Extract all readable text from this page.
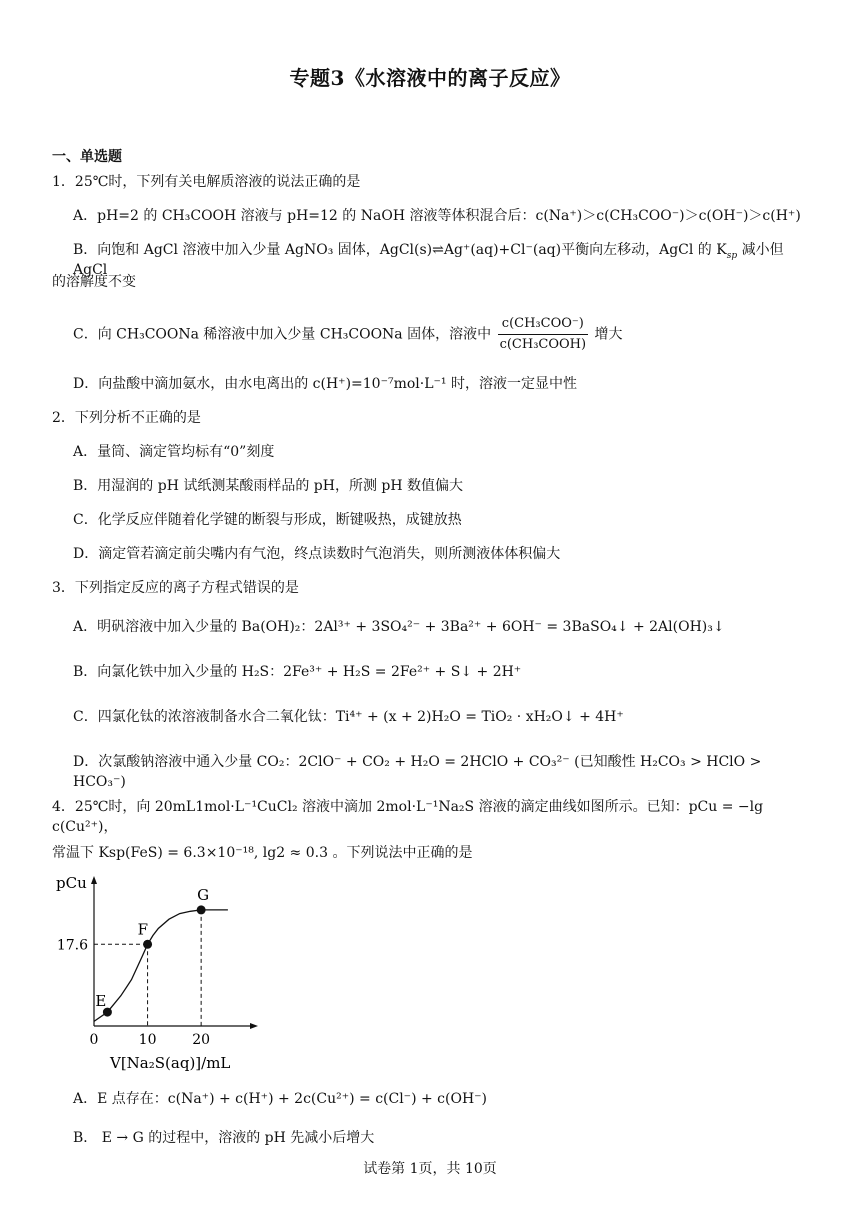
专题3《水溶液中的离子反应》
一、单选题
1．25℃时，下列有关电解质溶液的说法正确的是
A．pH=2 的 CH₃COOH 溶液与 pH=12 的 NaOH 溶液等体积混合后：c(Na⁺)＞c(CH₃COO⁻)＞c(OH⁻)＞c(H⁺)
B．向饱和 AgCl 溶液中加入少量 AgNO₃ 固体，AgCl(s)⇌Ag⁺(aq)+Cl⁻(aq)平衡向左移动，AgCl 的 $K_{sp}$ 减小但 AgCl
的溶解度不变
C．向 CH₃COONa 稀溶液中加入少量 CH₃COONa 固体，溶液中 $\frac{\text{c(CH₃COO⁻)}}{\text{c(CH₃COOH)}}$ 增大
D．向盐酸中滴加氨水，由水电离出的 c(H⁺)=10⁻⁷mol·L⁻¹ 时，溶液一定显中性
2．下列分析不正确的是
A．量筒、滴定管均标有“0”刻度
B．用湿润的 pH 试纸测某酸雨样品的 pH，所测 pH 数值偏大
C．化学反应伴随着化学键的断裂与形成，断键吸热，成键放热
D．滴定管若滴定前尖嘴内有气泡，终点读数时气泡消失，则所测液体体积偏大
3．下列指定反应的离子方程式错误的是
A．明矾溶液中加入少量的 Ba(OH)₂：2Al³⁺ + 3SO₄²⁻ + 3Ba²⁺ + 6OH⁻ = 3BaSO₄↓ + 2Al(OH)₃↓
B．向氯化铁中加入少量的 H₂S：2Fe³⁺ + H₂S = 2Fe²⁺ + S↓ + 2H⁺
C．四氯化钛的浓溶液制备水合二氧化钛：Ti⁴⁺ + (x + 2)H₂O = TiO₂ · xH₂O↓ + 4H⁺
D．次氯酸钠溶液中通入少量 CO₂：2ClO⁻ + CO₂ + H₂O = 2HClO + CO₃²⁻ (已知酸性 H₂CO₃ > HClO > HCO₃⁻)
4．25℃时，向 20mL1mol·L⁻¹CuCl₂ 溶液中滴加 2mol·L⁻¹Na₂S 溶液的滴定曲线如图所示。已知：pCu = −lg c(Cu²⁺)，
常温下 Ksp(FeS) = 6.3×10⁻¹⁸, lg2 ≈ 0.3 。下列说法中正确的是
pCu
V[Na₂S(aq)]/mL
0	10	20
17.6
E
F
G
A．E 点存在：c(Na⁺) + c(H⁺) + 2c(Cu²⁺) = c(Cl⁻) + c(OH⁻)
B． E → G 的过程中，溶液的 pH 先减小后增大
试卷第 1页，共 10页
